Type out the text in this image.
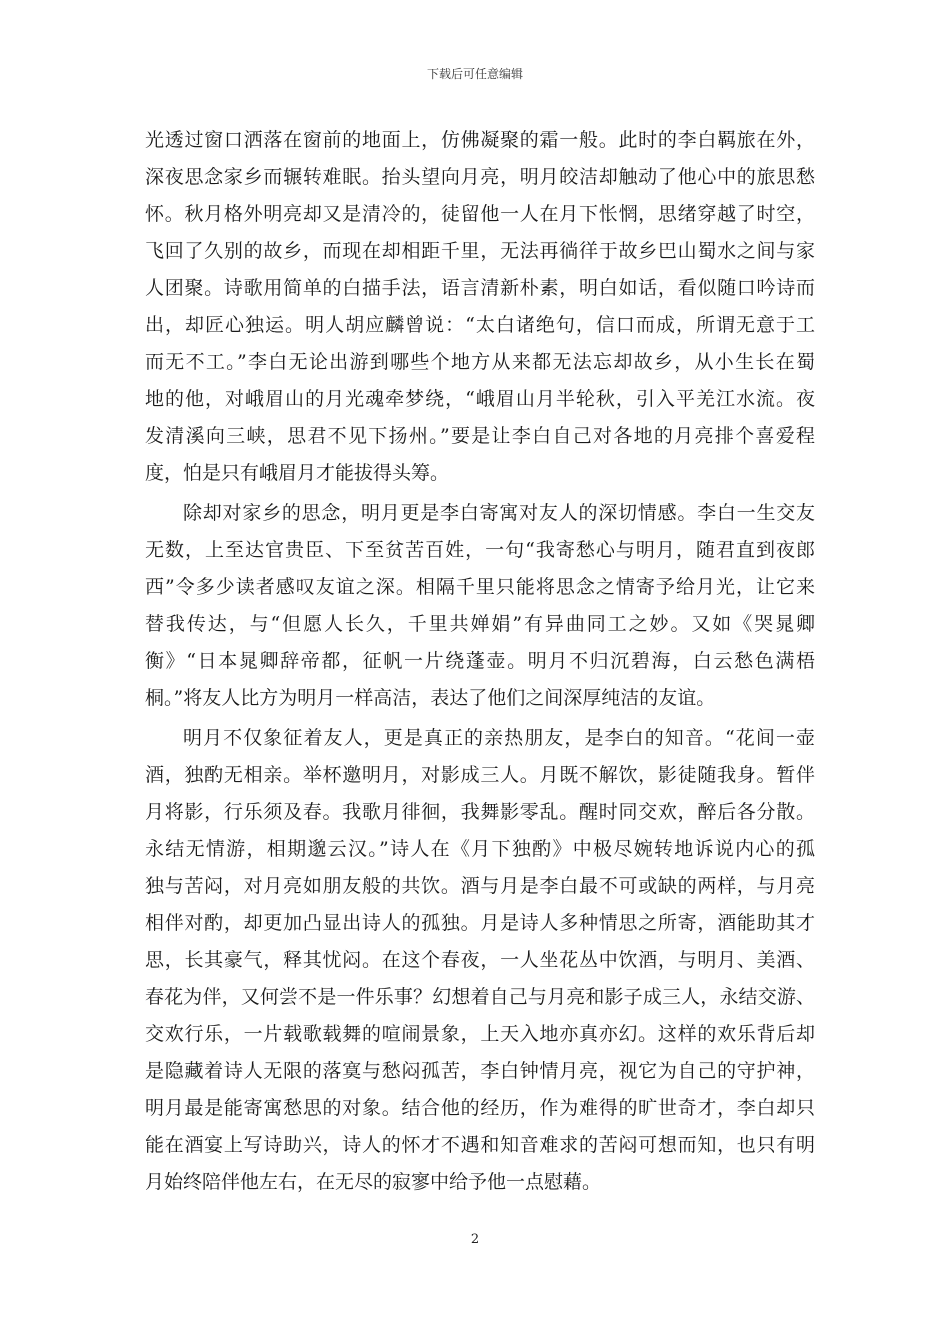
下载后可任意编辑
光透过窗口洒落在窗前的地面上，仿佛凝聚的霜一般。此时的李白羁旅在外，
深夜思念家乡而辗转难眠。抬头望向月亮，明月皎洁却触动了他心中的旅思愁
怀。秋月格外明亮却又是清冷的，徒留他一人在月下怅惘，思绪穿越了时空，
飞回了久别的故乡，而现在却相距千里，无法再徜徉于故乡巴山蜀水之间与家
人团聚。诗歌用简单的白描手法，语言清新朴素，明白如话，看似随口吟诗而
出，却匠心独运。明人胡应麟曾说：“太白诸绝句，信口而成，所谓无意于工
而无不工。”李白无论出游到哪些个地方从来都无法忘却故乡，从小生长在蜀
地的他，对峨眉山的月光魂牵梦绕，“峨眉山月半轮秋，引入平羌江水流。夜
发清溪向三峡，思君不见下扬州。”要是让李白自己对各地的月亮排个喜爱程
度，怕是只有峨眉月才能拔得头筹。
除却对家乡的思念，明月更是李白寄寓对友人的深切情感。李白一生交友
无数，上至达官贵臣、下至贫苦百姓，一句“我寄愁心与明月，随君直到夜郎
西”令多少读者感叹友谊之深。相隔千里只能将思念之情寄予给月光，让它来
替我传达，与“但愿人长久，千里共婵娟”有异曲同工之妙。又如《哭晁卿
衡》“日本晁卿辞帝都，征帆一片绕蓬壶。明月不归沉碧海，白云愁色满梧
桐。”将友人比方为明月一样高洁，表达了他们之间深厚纯洁的友谊。
明月不仅象征着友人，更是真正的亲热朋友，是李白的知音。“花间一壶
酒，独酌无相亲。举杯邀明月，对影成三人。月既不解饮，影徒随我身。暂伴
月将影，行乐须及春。我歌月徘徊，我舞影零乱。醒时同交欢，醉后各分散。
永结无情游，相期邈云汉。”诗人在《月下独酌》中极尽婉转地诉说内心的孤
独与苦闷，对月亮如朋友般的共饮。酒与月是李白最不可或缺的两样，与月亮
相伴对酌，却更加凸显出诗人的孤独。月是诗人多种情思之所寄，酒能助其才
思，长其豪气，释其忧闷。在这个春夜，一人坐花丛中饮酒，与明月、美酒、
春花为伴，又何尝不是一件乐事？幻想着自己与月亮和影子成三人，永结交游、
交欢行乐，一片载歌载舞的喧闹景象，上天入地亦真亦幻。这样的欢乐背后却
是隐藏着诗人无限的落寞与愁闷孤苦，李白钟情月亮，视它为自己的守护神，
明月最是能寄寓愁思的对象。结合他的经历，作为难得的旷世奇才，李白却只
能在酒宴上写诗助兴，诗人的怀才不遇和知音难求的苦闷可想而知，也只有明
月始终陪伴他左右，在无尽的寂寥中给予他一点慰藉。
2
